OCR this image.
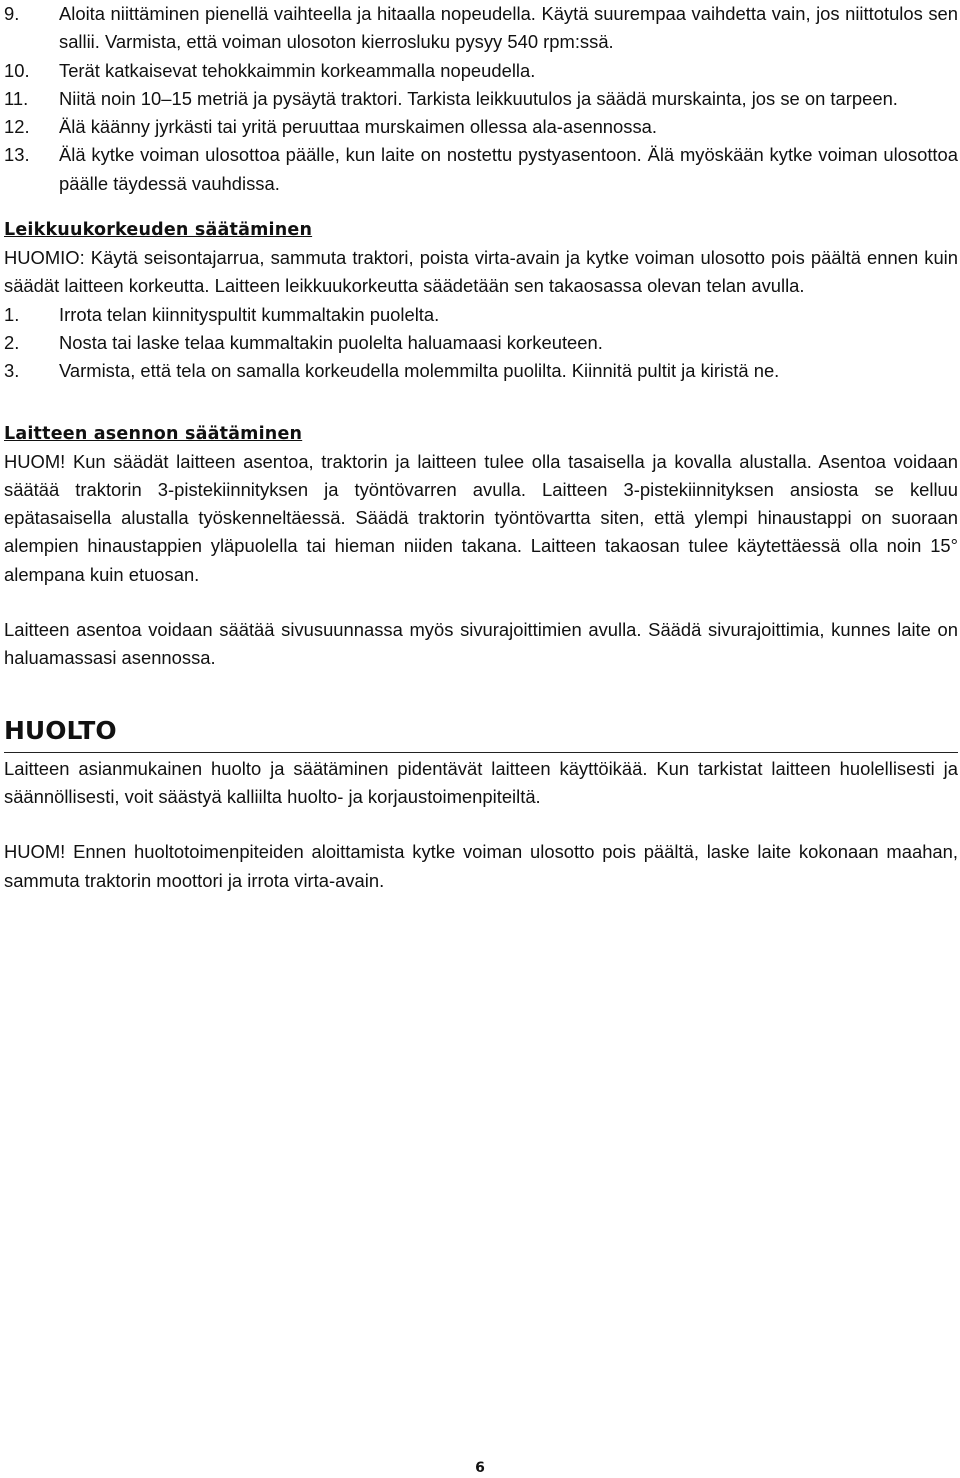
9.	Aloita niittäminen pienellä vaihteella ja hitaalla nopeudella. Käytä suurempaa vaihdetta vain, jos niittotulos sen sallii. Varmista, että voiman ulosoton kierrosluku pysyy 540 rpm:ssä.
10.	Terät katkaisevat tehokkaimmin korkeammalla nopeudella.
11.	Niitä noin 10–15 metriä ja pysäytä traktori. Tarkista leikkuutulos ja säädä murskainta, jos se on tarpeen.
12.	Älä käänny jyrkästi tai yritä peruuttaa murskaimen ollessa ala-asennossa.
13.	Älä kytke voiman ulosottoa päälle, kun laite on nostettu pystyasentoon. Älä myöskään kytke voiman ulosottoa päälle täydessä vauhdissa.
Leikkuukorkeuden säätäminen

HUOMIO: Käytä seisontajarrua, sammuta traktori, poista virta-avain ja kytke voiman ulosotto pois päältä ennen kuin säädät laitteen korkeutta. Laitteen leikkuukorkeutta säädetään sen takaosassa olevan telan avulla.

1.	Irrota telan kiinnityspultit kummaltakin puolelta.
2.	Nosta tai laske telaa kummaltakin puolelta haluamaasi korkeuteen.
3.	Varmista, että tela on samalla korkeudella molemmilta puolilta. Kiinnitä pultit ja kiristä ne.
Laitteen asennon säätäminen

HUOM! Kun säädät laitteen asentoa, traktorin ja laitteen tulee olla tasaisella ja kovalla alustalla. Asentoa voidaan säätää traktorin 3-pistekiinnityksen ja työntövarren avulla. Laitteen 3-pistekiinnityksen ansiosta se kelluu epätasaisella alustalla työskenneltäessä. Säädä traktorin työntövartta siten, että ylempi hinaustappi on suoraan alempien hinaustappien yläpuolella tai hieman niiden takana. Laitteen takaosan tulee käytettäessä olla noin 15° alempana kuin etuosan.

Laitteen asentoa voidaan säätää sivusuunnassa myös sivurajoittimien avulla. Säädä sivurajoittimia, kunnes laite on haluamassasi asennossa.

HUOLTO

Laitteen asianmukainen huolto ja säätäminen pidentävät laitteen käyttöikää. Kun tarkistat laitteen huolellisesti ja säännöllisesti, voit säästyä kalliilta huolto- ja korjaustoimenpiteiltä.

HUOM! Ennen huoltotoimenpiteiden aloittamista kytke voiman ulosotto pois päältä, laske laite kokonaan maahan, sammuta traktorin moottori ja irrota virta-avain.

6
